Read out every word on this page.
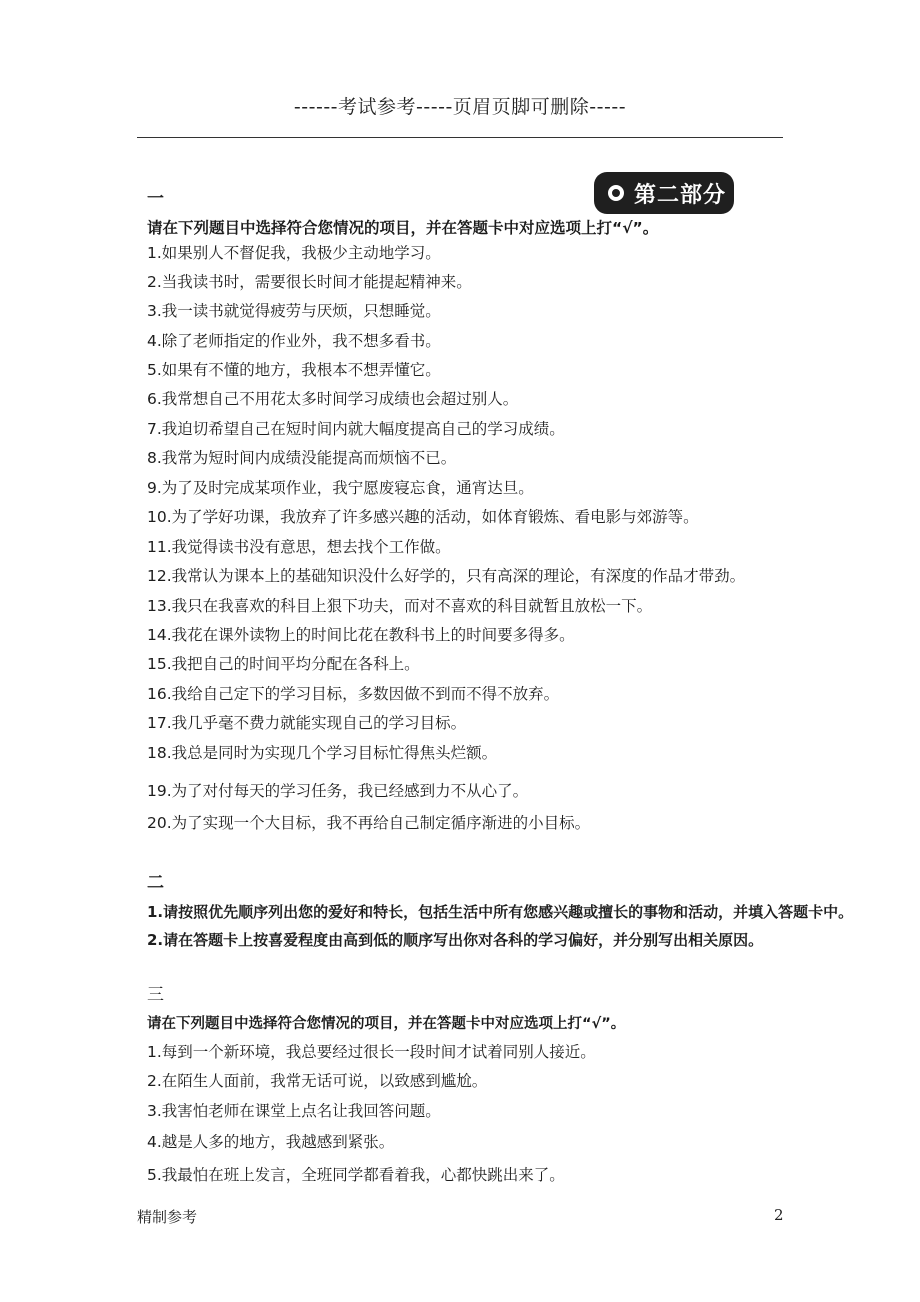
------考试参考-----页眉页脚可删除-----
一	第二部分
请在下列题目中选择符合您情况的项目，并在答题卡中对应选项上打“√”。
1.如果别人不督促我，我极少主动地学习。
2.当我读书时，需要很长时间才能提起精神来。
3.我一读书就觉得疲劳与厌烦，只想睡觉。
4.除了老师指定的作业外，我不想多看书。
5.如果有不懂的地方，我根本不想弄懂它。
6.我常想自己不用花太多时间学习成绩也会超过别人。
7.我迫切希望自己在短时间内就大幅度提高自己的学习成绩。
8.我常为短时间内成绩没能提高而烦恼不已。
9.为了及时完成某项作业，我宁愿废寝忘食，通宵达旦。
10.为了学好功课，我放弃了许多感兴趣的活动，如体育锻炼、看电影与郊游等。
11.我觉得读书没有意思，想去找个工作做。
12.我常认为课本上的基础知识没什么好学的，只有高深的理论，有深度的作品才带劲。
13.我只在我喜欢的科目上狠下功夫，而对不喜欢的科目就暂且放松一下。
14.我花在课外读物上的时间比花在教科书上的时间要多得多。
15.我把自己的时间平均分配在各科上。
16.我给自己定下的学习目标，多数因做不到而不得不放弃。
17.我几乎毫不费力就能实现自己的学习目标。
18.我总是同时为实现几个学习目标忙得焦头烂额。
19.为了对付每天的学习任务，我已经感到力不从心了。
20.为了实现一个大目标，我不再给自己制定循序渐进的小目标。
二
1.请按照优先顺序列出您的爱好和特长，包括生活中所有您感兴趣或擅长的事物和活动，并填入答题卡中。
2.请在答题卡上按喜爱程度由高到低的顺序写出你对各科的学习偏好，并分别写出相关原因。
三
请在下列题目中选择符合您情况的项目，并在答题卡中对应选项上打“√”。
1.每到一个新环境，我总要经过很长一段时间才试着同别人接近。
2.在陌生人面前，我常无话可说，以致感到尴尬。
3.我害怕老师在课堂上点名让我回答问题。
4.越是人多的地方，我越感到紧张。
5.我最怕在班上发言，全班同学都看着我，心都快跳出来了。
精制参考	2
